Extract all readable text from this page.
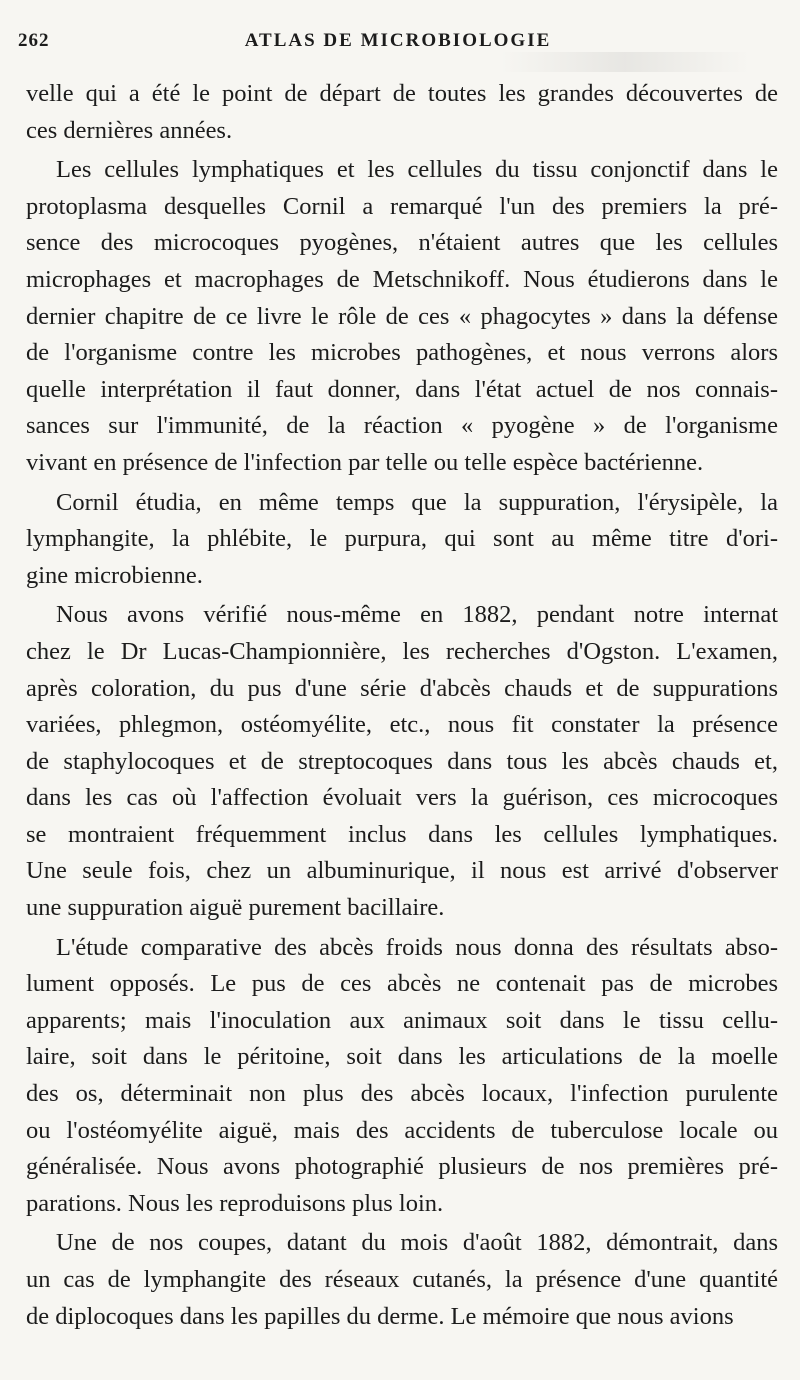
262	ATLAS DE MICROBIOLOGIE
velle qui a été le point de départ de toutes les grandes découvertes de
ces dernières années.
Les cellules lymphatiques et les cellules du tissu conjonctif dans le
protoplasma desquelles Cornil a remarqué l'un des premiers la pré-
sence des microcoques pyogènes, n'étaient autres que les cellules
microphages et macrophages de Metschnikoff. Nous étudierons dans le
dernier chapitre de ce livre le rôle de ces « phagocytes » dans la défense
de l'organisme contre les microbes pathogènes, et nous verrons alors
quelle interprétation il faut donner, dans l'état actuel de nos connais-
sances sur l'immunité, de la réaction « pyogène » de l'organisme
vivant en présence de l'infection par telle ou telle espèce bactérienne.
Cornil étudia, en même temps que la suppuration, l'érysipèle, la
lymphangite, la phlébite, le purpura, qui sont au même titre d'ori-
gine microbienne.
Nous avons vérifié nous-même en 1882, pendant notre internat
chez le Dr Lucas-Championnière, les recherches d'Ogston. L'examen,
après coloration, du pus d'une série d'abcès chauds et de suppurations
variées, phlegmon, ostéomyélite, etc., nous fit constater la présence
de staphylocoques et de streptocoques dans tous les abcès chauds et,
dans les cas où l'affection évoluait vers la guérison, ces microcoques
se montraient fréquemment inclus dans les cellules lymphatiques.
Une seule fois, chez un albuminurique, il nous est arrivé d'observer
une suppuration aiguë purement bacillaire.
L'étude comparative des abcès froids nous donna des résultats abso-
lument opposés. Le pus de ces abcès ne contenait pas de microbes
apparents; mais l'inoculation aux animaux soit dans le tissu cellu-
laire, soit dans le péritoine, soit dans les articulations de la moelle
des os, déterminait non plus des abcès locaux, l'infection purulente
ou l'ostéomyélite aiguë, mais des accidents de tuberculose locale ou
généralisée. Nous avons photographié plusieurs de nos premières pré-
parations. Nous les reproduisons plus loin.
Une de nos coupes, datant du mois d'août 1882, démontrait, dans
un cas de lymphangite des réseaux cutanés, la présence d'une quantité
de diplocoques dans les papilles du derme. Le mémoire que nous avions
